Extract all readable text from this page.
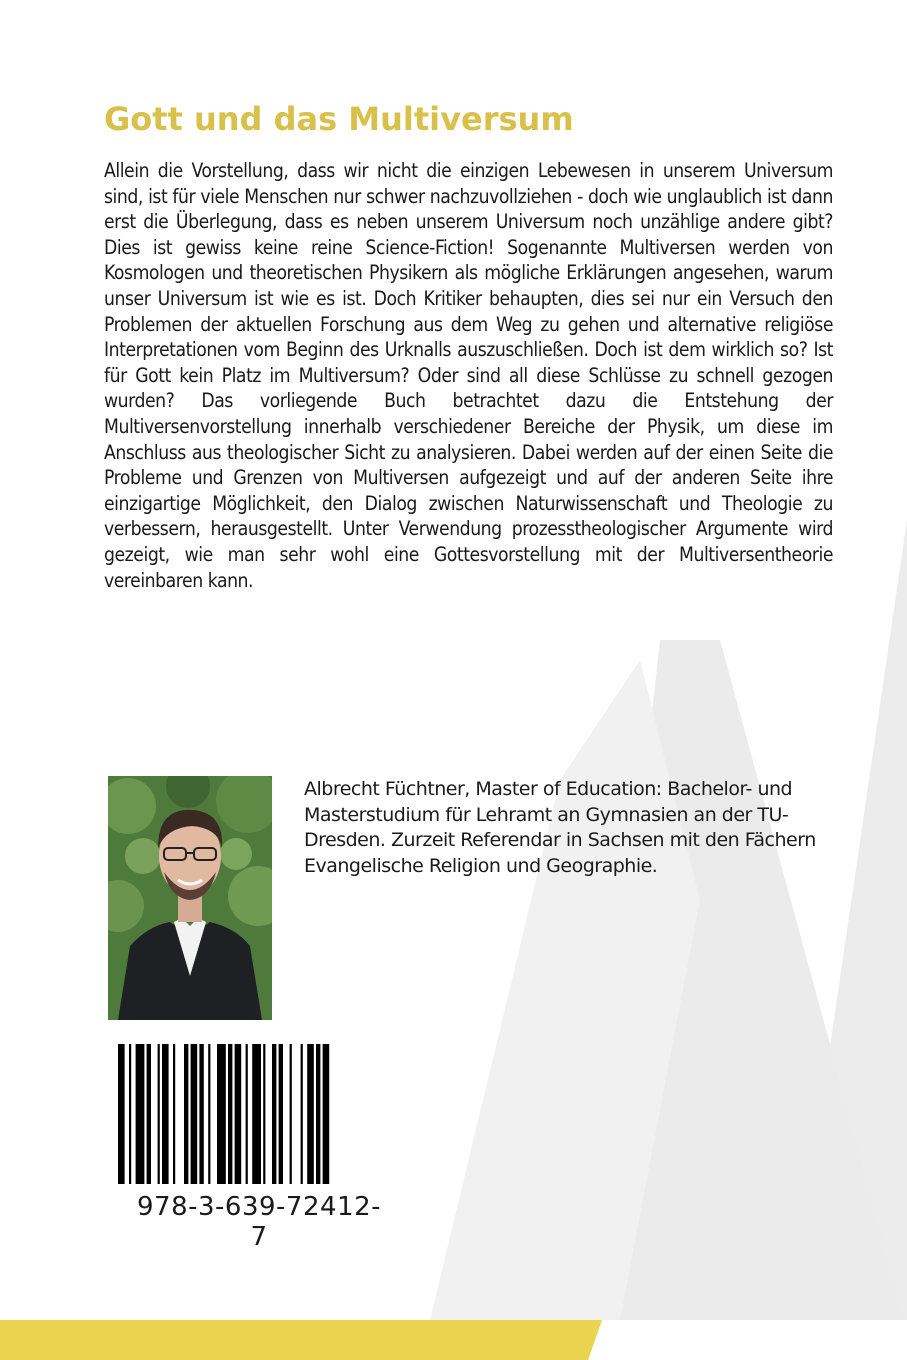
Gott und das Multiversum

Allein die Vorstellung, dass wir nicht die einzigen Lebewesen in unserem Universum sind, ist für viele Menschen nur schwer nachzuvollziehen - doch wie unglaublich ist dann erst die Überlegung, dass es neben unserem Universum noch unzählige andere gibt? Dies ist gewiss keine reine Science-Fiction! Sogenannte Multiversen werden von Kosmologen und theoretischen Physikern als mögliche Erklärungen angesehen, warum unser Universum ist wie es ist. Doch Kritiker behaupten, dies sei nur ein Versuch den Problemen der aktuellen Forschung aus dem Weg zu gehen und alternative religiöse Interpretationen vom Beginn des Urknalls auszuschließen. Doch ist dem wirklich so? Ist für Gott kein Platz im Multiversum? Oder sind all diese Schlüsse zu schnell gezogen wurden? Das vorliegende Buch betrachtet dazu die Entstehung der Multiversenvorstellung innerhalb verschiedener Bereiche der Physik, um diese im Anschluss aus theologischer Sicht zu analysieren. Dabei werden auf der einen Seite die Probleme und Grenzen von Multiversen aufgezeigt und auf der anderen Seite ihre einzigartige Möglichkeit, den Dialog zwischen Naturwissenschaft und Theologie zu verbessern, herausgestellt. Unter Verwendung prozesstheologischer Argumente wird gezeigt, wie man sehr wohl eine Gottesvorstellung mit der Multiversentheorie vereinbaren kann.

Albrecht Füchtner, Master of Education: Bachelor- und Masterstudium für Lehramt an Gymnasien an der TU-Dresden. Zurzeit Referendar in Sachsen mit den Fächern Evangelische Religion und Geographie.

978-3-639-72412-7
